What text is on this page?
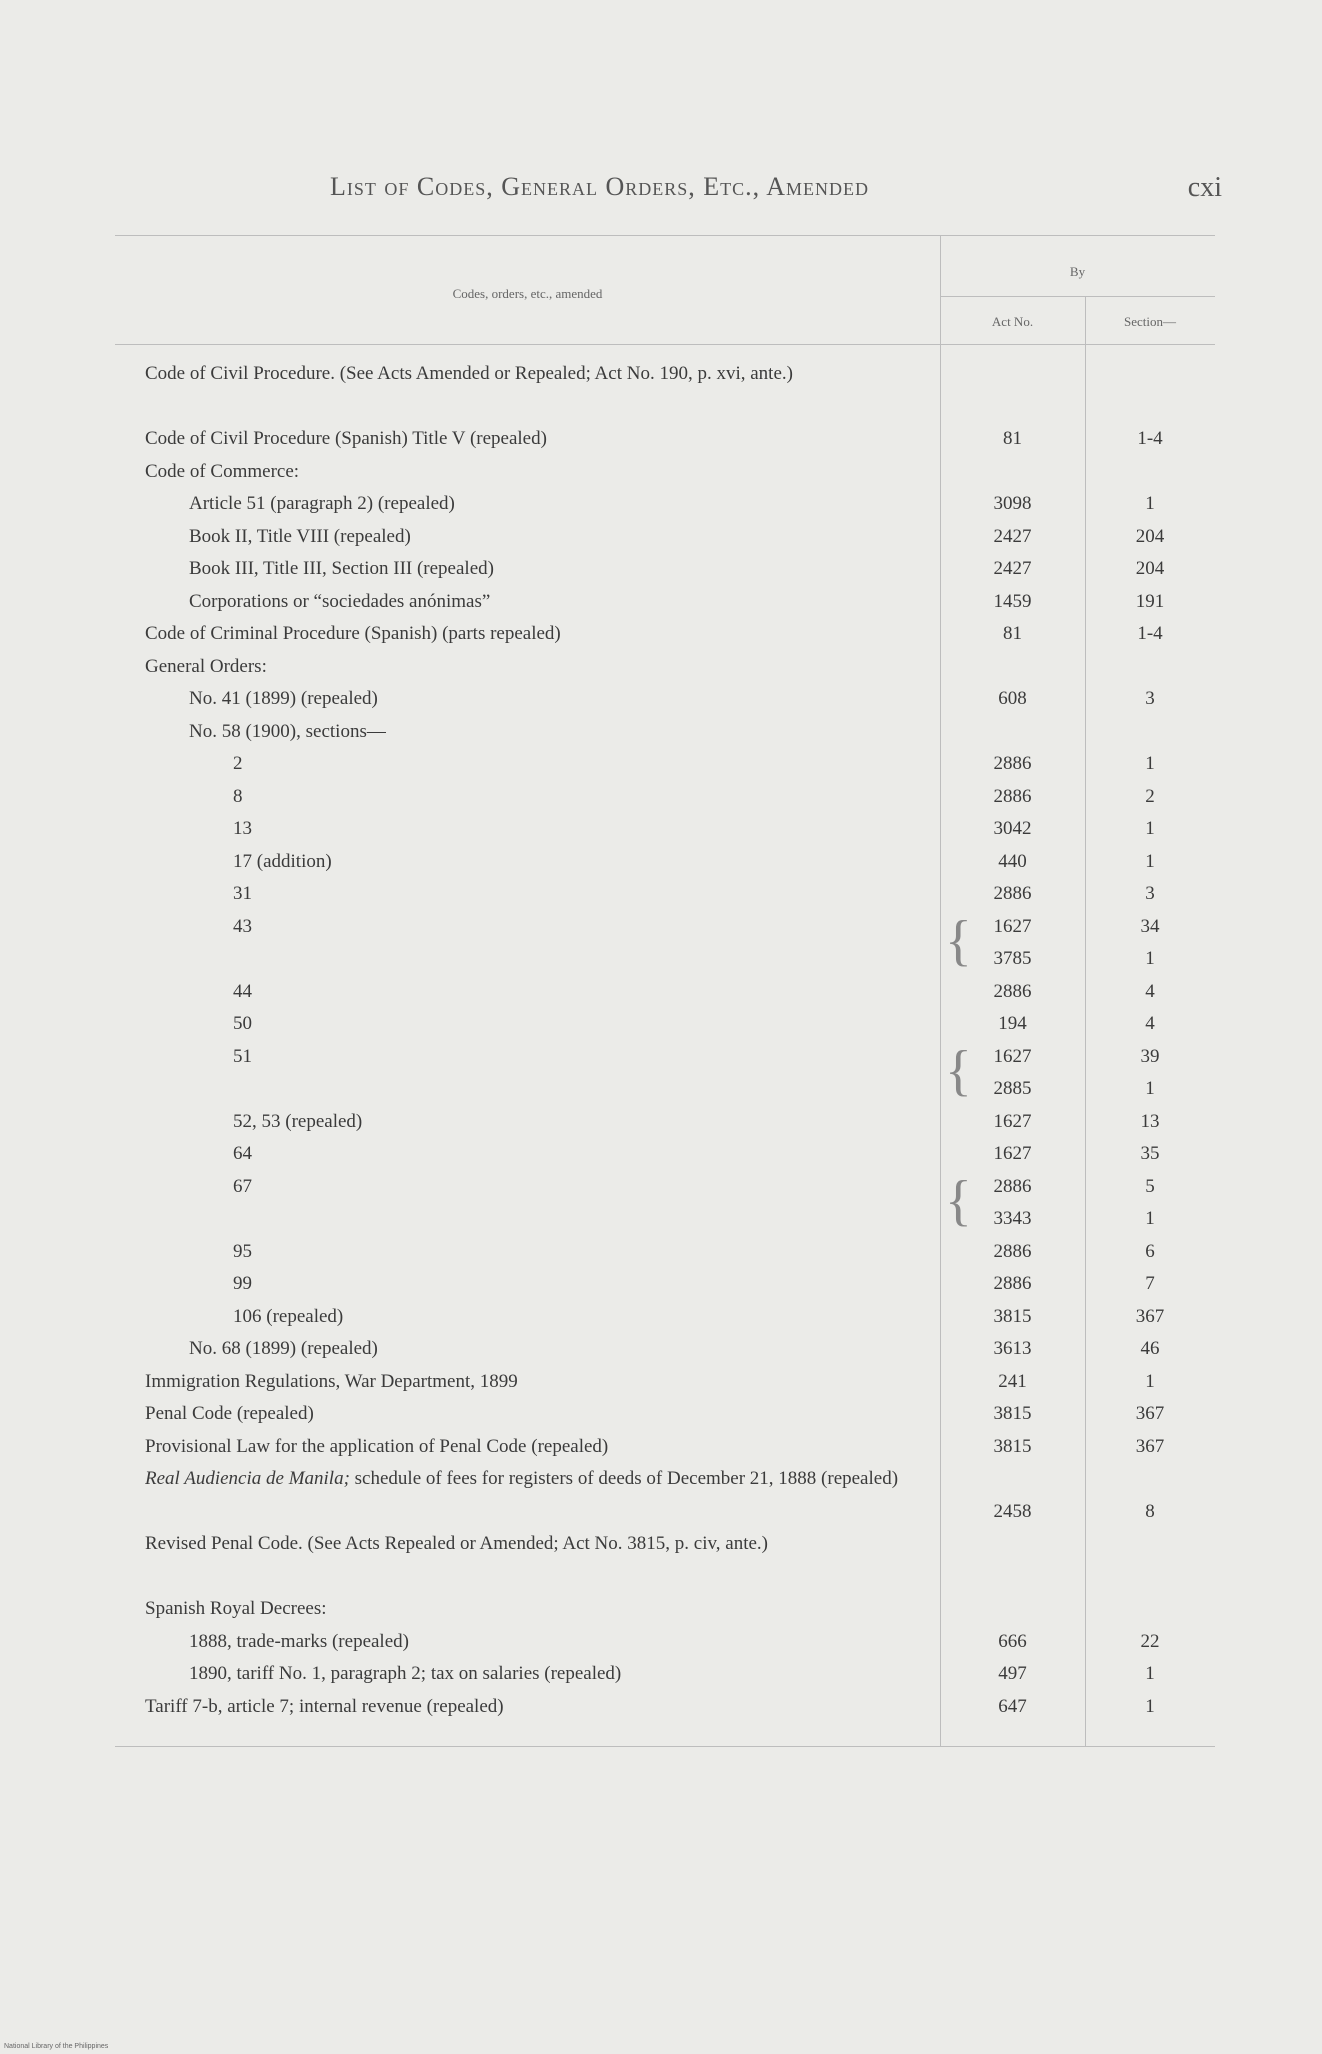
List of Codes, General Orders, Etc., Amended	cxi
Codes, orders, etc., amended
By
Act No.	Section—
Code of Civil Procedure. (See Acts Amended or Repealed; Act No. 190, p. xvi, ante.)
Code of Civil Procedure (Spanish) Title V (repealed)	81	1-4
Code of Commerce:
Article 51 (paragraph 2) (repealed)	3098	1
Book II, Title VIII (repealed)	2427	204
Book III, Title III, Section III (repealed)	2427	204
Corporations or “sociedades anónimas”	1459	191
Code of Criminal Procedure (Spanish) (parts repealed)	81	1-4
General Orders:
No. 41 (1899) (repealed)	608	3
No. 58 (1900), sections—
2	2886	1
8	2886	2
13	3042	1
17 (addition)	440	1
31	2886	3
43	{	1627	34
3785	1
44	2886	4
50	194	4
51	{	1627	39
2885	1
52, 53 (repealed)	1627	13
64	1627	35
67	{	2886	5
3343	1
95	2886	6
99	2886	7
106 (repealed)	3815	367
No. 68 (1899) (repealed)	3613	46
Immigration Regulations, War Department, 1899	241	1
Penal Code (repealed)	3815	367
Provisional Law for the application of Penal Code (repealed)	3815	367
Real Audiencia de Manila; schedule of fees for registers of deeds of December 21, 1888 (repealed)
2458	8
Revised Penal Code. (See Acts Repealed or Amended; Act No. 3815, p. civ, ante.)
Spanish Royal Decrees:
1888, trade-marks (repealed)	666	22
1890, tariff No. 1, paragraph 2; tax on salaries (repealed)	497	1
Tariff 7-b, article 7; internal revenue (repealed)	647	1
National Library of the Philippines
